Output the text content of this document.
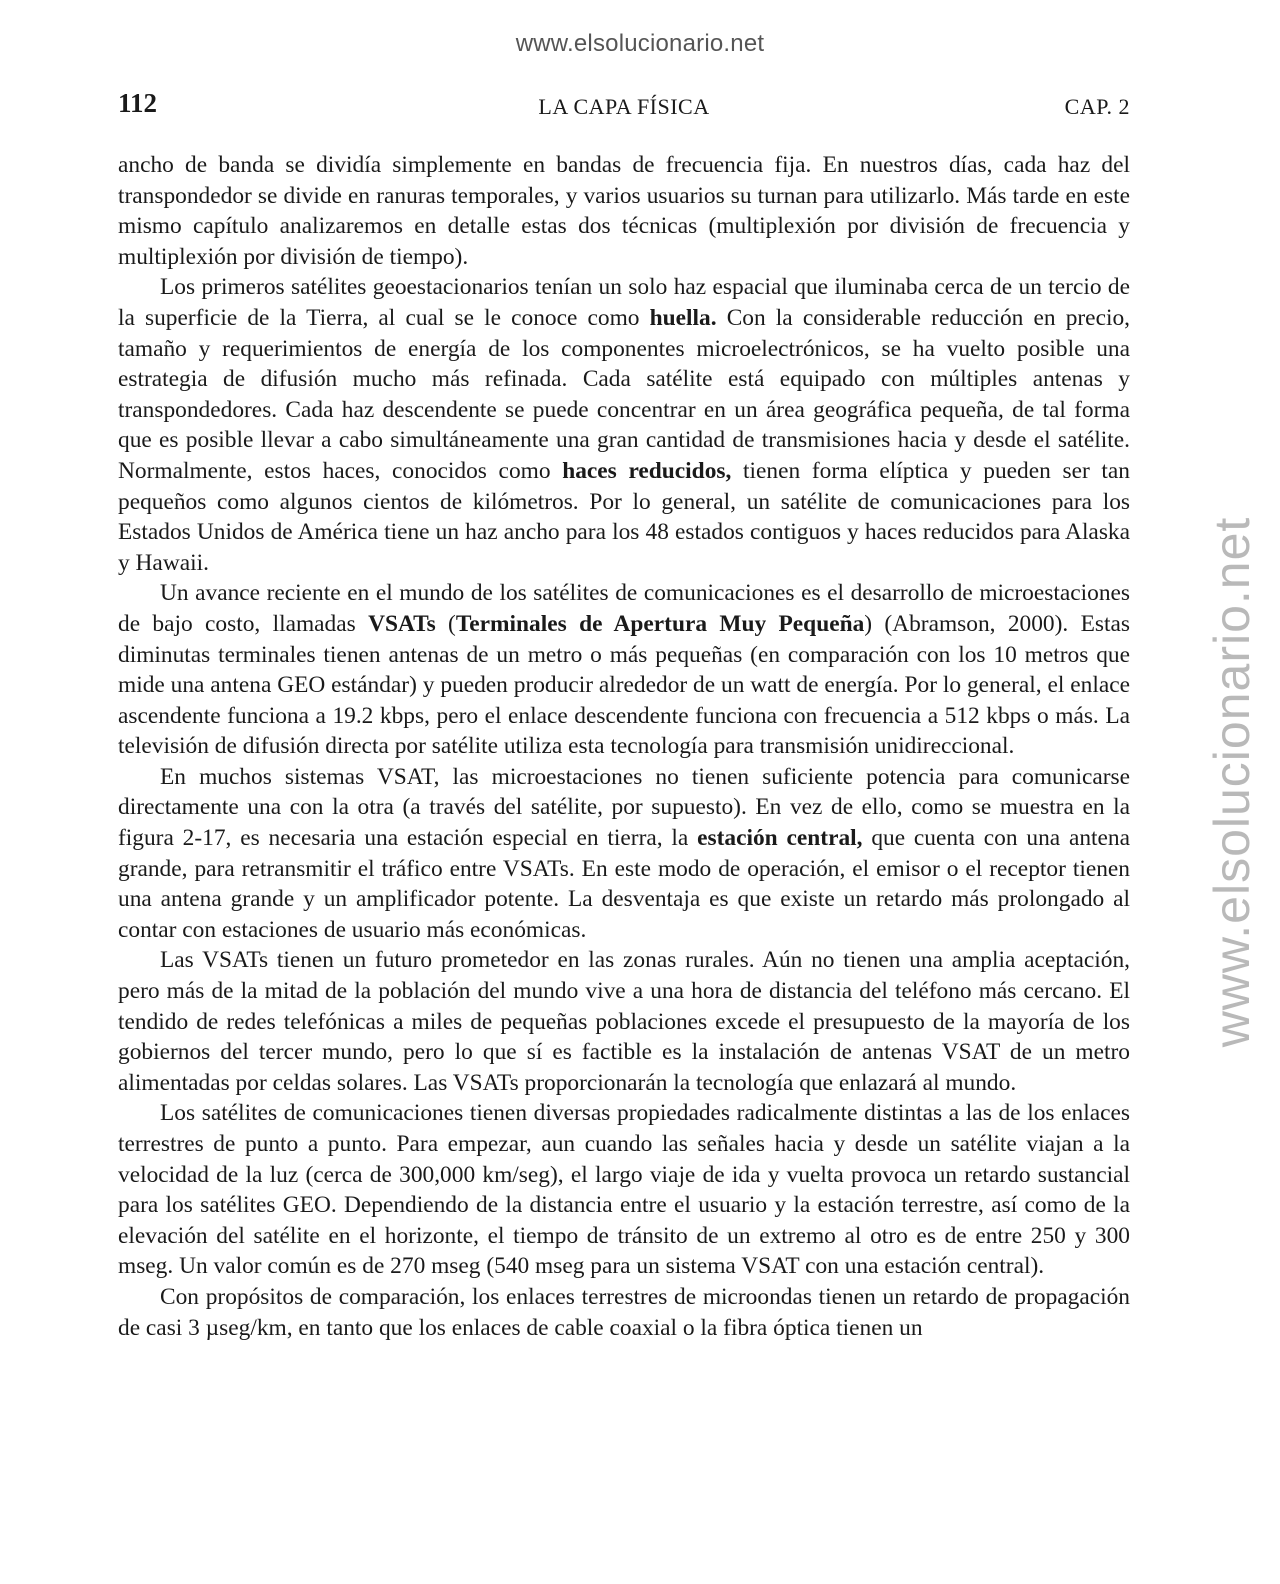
www.elsolucionario.net
www.elsolucionario.net
112	LA CAPA FÍSICA	CAP. 2

ancho de banda se dividía simplemente en bandas de frecuencia fija. En nuestros días, cada haz del transpondedor se divide en ranuras temporales, y varios usuarios su turnan para utilizarlo. Más tarde en este mismo capítulo analizaremos en detalle estas dos técnicas (multiplexión por división de frecuencia y multiplexión por división de tiempo).

Los primeros satélites geoestacionarios tenían un solo haz espacial que iluminaba cerca de un tercio de la superficie de la Tierra, al cual se le conoce como huella. Con la considerable reducción en precio, tamaño y requerimientos de energía de los componentes microelectrónicos, se ha vuelto posible una estrategia de difusión mucho más refinada. Cada satélite está equipado con múltiples antenas y transpondedores. Cada haz descendente se puede concentrar en un área geográfica pequeña, de tal forma que es posible llevar a cabo simultáneamente una gran cantidad de transmisiones hacia y desde el satélite. Normalmente, estos haces, conocidos como haces reducidos, tienen forma elíptica y pueden ser tan pequeños como algunos cientos de kilómetros. Por lo general, un satélite de comunicaciones para los Estados Unidos de América tiene un haz ancho para los 48 estados contiguos y haces reducidos para Alaska y Hawaii.

Un avance reciente en el mundo de los satélites de comunicaciones es el desarrollo de microestaciones de bajo costo, llamadas VSATs (Terminales de Apertura Muy Pequeña) (Abramson, 2000). Estas diminutas terminales tienen antenas de un metro o más pequeñas (en comparación con los 10 metros que mide una antena GEO estándar) y pueden producir alrededor de un watt de energía. Por lo general, el enlace ascendente funciona a 19.2 kbps, pero el enlace descendente funciona con frecuencia a 512 kbps o más. La televisión de difusión directa por satélite utiliza esta tecnología para transmisión unidireccional.

En muchos sistemas VSAT, las microestaciones no tienen suficiente potencia para comunicarse directamente una con la otra (a través del satélite, por supuesto). En vez de ello, como se muestra en la figura 2-17, es necesaria una estación especial en tierra, la estación central, que cuenta con una antena grande, para retransmitir el tráfico entre VSATs. En este modo de operación, el emisor o el receptor tienen una antena grande y un amplificador potente. La desventaja es que existe un retardo más prolongado al contar con estaciones de usuario más económicas.

Las VSATs tienen un futuro prometedor en las zonas rurales. Aún no tienen una amplia aceptación, pero más de la mitad de la población del mundo vive a una hora de distancia del teléfono más cercano. El tendido de redes telefónicas a miles de pequeñas poblaciones excede el presupuesto de la mayoría de los gobiernos del tercer mundo, pero lo que sí es factible es la instalación de antenas VSAT de un metro alimentadas por celdas solares. Las VSATs proporcionarán la tecnología que enlazará al mundo.

Los satélites de comunicaciones tienen diversas propiedades radicalmente distintas a las de los enlaces terrestres de punto a punto. Para empezar, aun cuando las señales hacia y desde un satélite viajan a la velocidad de la luz (cerca de 300,000 km/seg), el largo viaje de ida y vuelta provoca un retardo sustancial para los satélites GEO. Dependiendo de la distancia entre el usuario y la estación terrestre, así como de la elevación del satélite en el horizonte, el tiempo de tránsito de un extremo al otro es de entre 250 y 300 mseg. Un valor común es de 270 mseg (540 mseg para un sistema VSAT con una estación central).

Con propósitos de comparación, los enlaces terrestres de microondas tienen un retardo de propagación de casi 3 µseg/km, en tanto que los enlaces de cable coaxial o la fibra óptica tienen un
